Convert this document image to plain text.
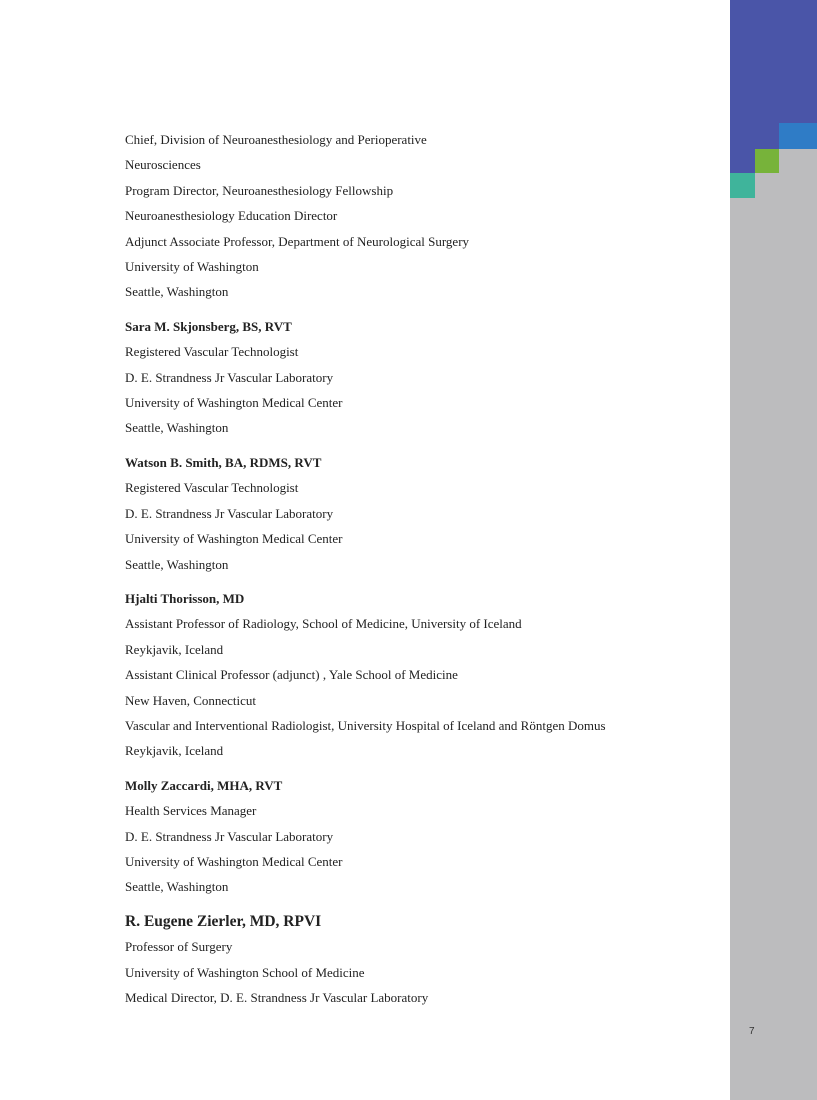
Chief, Division of Neuroanesthesiology and Perioperative
Neurosciences
Program Director, Neuroanesthesiology Fellowship
Neuroanesthesiology Education Director
Adjunct Associate Professor, Department of Neurological Surgery
University of Washington
Seattle, Washington
Sara M. Skjonsberg, BS, RVT
Registered Vascular Technologist
D. E. Strandness Jr Vascular Laboratory
University of Washington Medical Center
Seattle, Washington
Watson B. Smith, BA, RDMS, RVT
Registered Vascular Technologist
D. E. Strandness Jr Vascular Laboratory
University of Washington Medical Center
Seattle, Washington
Hjalti Thorisson, MD
Assistant Professor of Radiology, School of Medicine, University of Iceland
Reykjavik, Iceland
Assistant Clinical Professor (adjunct) , Yale School of Medicine
New Haven, Connecticut
Vascular and Interventional Radiologist, University Hospital of Iceland and Röntgen Domus
Reykjavik, Iceland
Molly Zaccardi, MHA, RVT
Health Services Manager
D. E. Strandness Jr Vascular Laboratory
University of Washington Medical Center
Seattle, Washington
R. Eugene Zierler, MD, RPVI
Professor of Surgery
University of Washington School of Medicine
Medical Director, D. E. Strandness Jr Vascular Laboratory
7
